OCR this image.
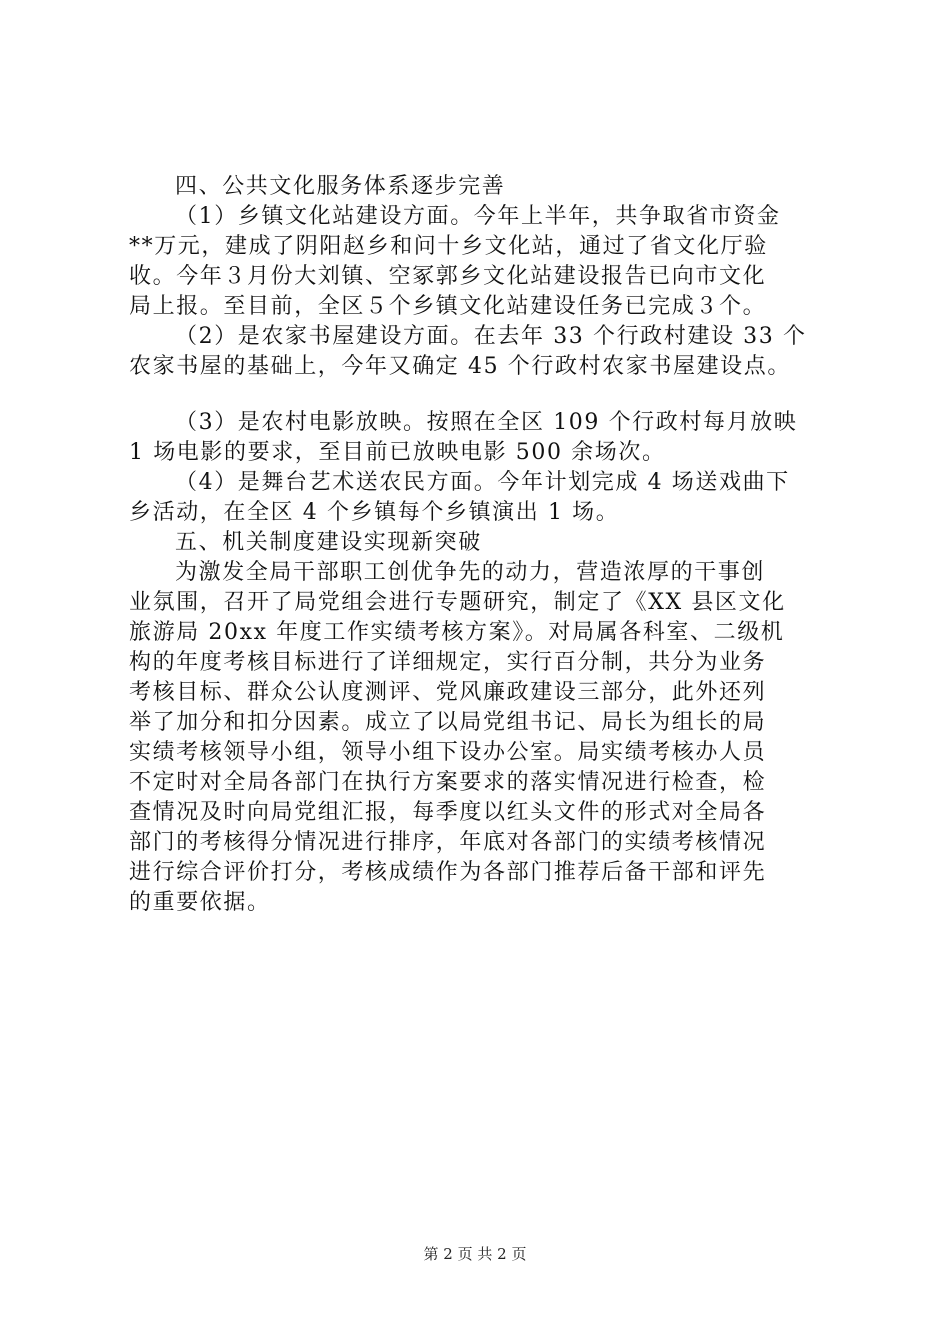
四、公共文化服务体系逐步完善
（1）乡镇文化站建设方面。今年上半年，共争取省市资金
**万元，建成了阴阳赵乡和问十乡文化站，通过了省文化厅验
收。今年３月份大刘镇、空冢郭乡文化站建设报告已向市文化
局上报。至目前，全区５个乡镇文化站建设任务已完成３个。
（2）是农家书屋建设方面。在去年 33 个行政村建设 33 个
农家书屋的基础上，今年又确定 45 个行政村农家书屋建设点。
（3）是农村电影放映。按照在全区 109 个行政村每月放映
1 场电影的要求，至目前已放映电影 500 余场次。
（4）是舞台艺术送农民方面。今年计划完成 4 场送戏曲下
乡活动，在全区 4 个乡镇每个乡镇演出 1 场。
五、机关制度建设实现新突破
为激发全局干部职工创优争先的动力，营造浓厚的干事创
业氛围，召开了局党组会进行专题研究，制定了《XX 县区文化
旅游局 20xx 年度工作实绩考核方案》。对局属各科室、二级机
构的年度考核目标进行了详细规定，实行百分制，共分为业务
考核目标、群众公认度测评、党风廉政建设三部分，此外还列
举了加分和扣分因素。成立了以局党组书记、局长为组长的局
实绩考核领导小组，领导小组下设办公室。局实绩考核办人员
不定时对全局各部门在执行方案要求的落实情况进行检查，检
查情况及时向局党组汇报，每季度以红头文件的形式对全局各
部门的考核得分情况进行排序，年底对各部门的实绩考核情况
进行综合评价打分，考核成绩作为各部门推荐后备干部和评先
的重要依据。
第 2 页 共 2 页
